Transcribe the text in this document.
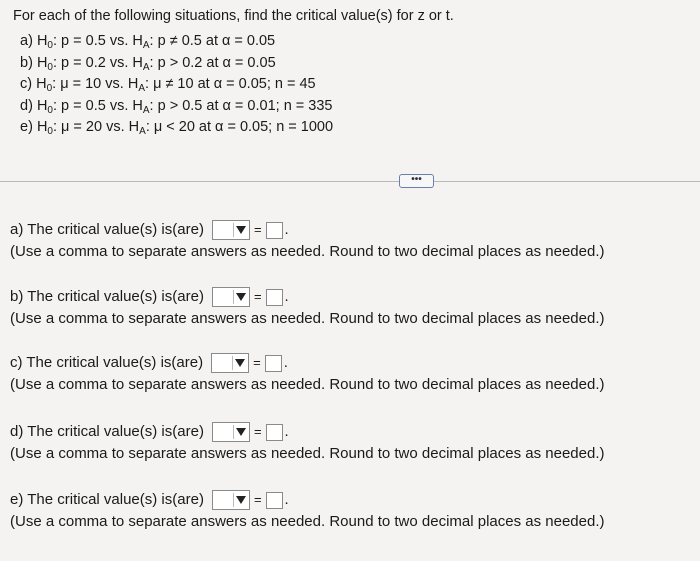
For each of the following situations, find the critical value(s) for z or t.
a) $H_0$: p = 0.5 vs. $H_A$: p ≠ 0.5 at α = 0.05
b) $H_0$: p = 0.2 vs. $H_A$: p > 0.2 at α = 0.05
c) $H_0$: μ = 10 vs. $H_A$: μ ≠ 10 at α = 0.05; n = 45
d) $H_0$: p = 0.5 vs. $H_A$: p > 0.5 at α = 0.01; n = 335
e) $H_0$: μ = 20 vs. $H_A$: μ < 20 at α = 0.05; n = 1000
•••
a) The critical value(s) is(are)	= .
(Use a comma to separate answers as needed. Round to two decimal places as needed.)
b) The critical value(s) is(are)	= .
(Use a comma to separate answers as needed. Round to two decimal places as needed.)
c) The critical value(s) is(are)	= .
(Use a comma to separate answers as needed. Round to two decimal places as needed.)
d) The critical value(s) is(are)	= .
(Use a comma to separate answers as needed. Round to two decimal places as needed.)
e) The critical value(s) is(are)	= .
(Use a comma to separate answers as needed. Round to two decimal places as needed.)
